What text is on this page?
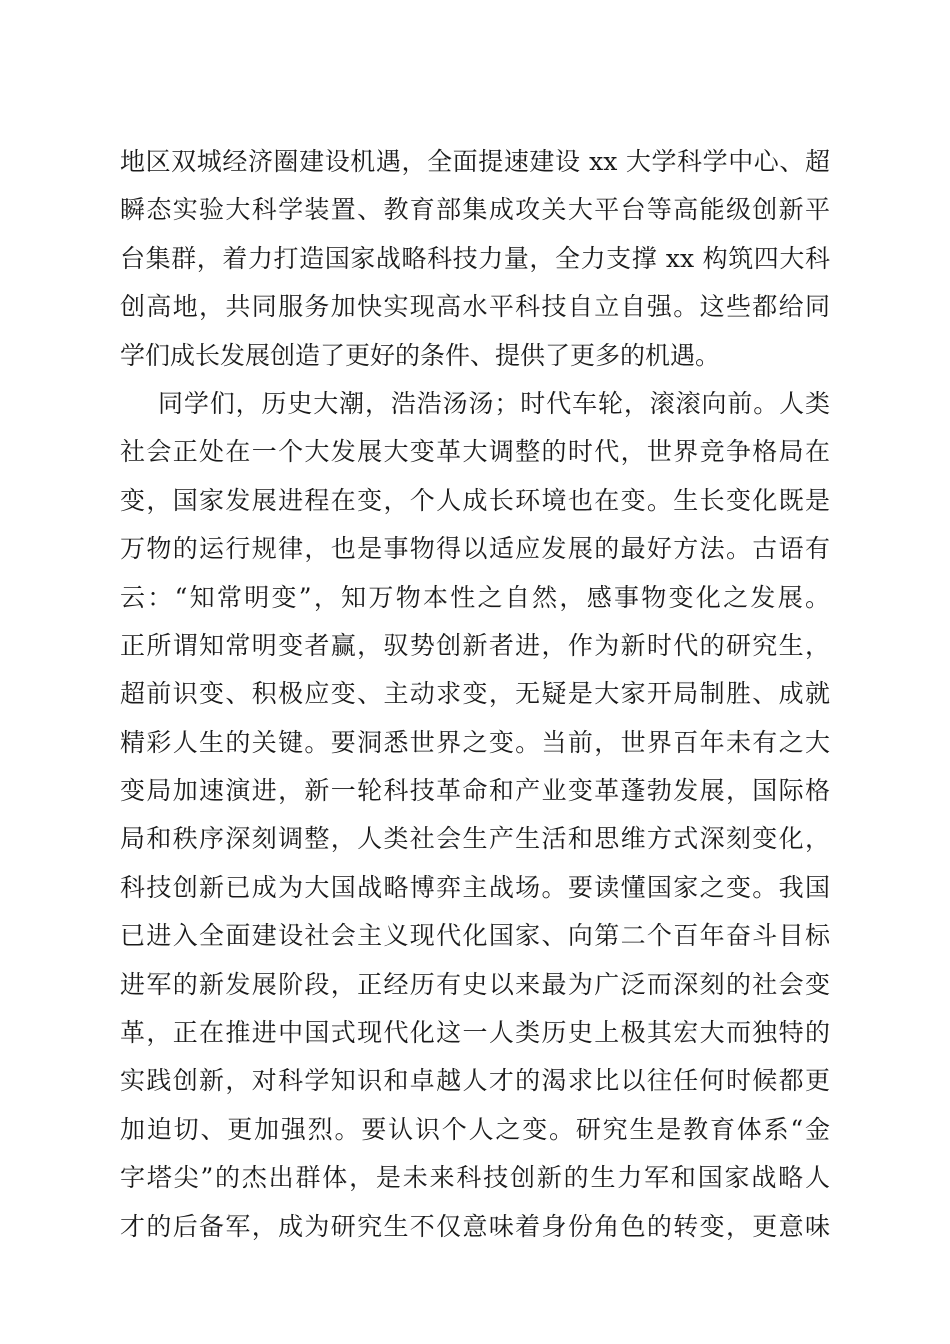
地区双城经济圈建设机遇，全面提速建设 xx 大学科学中心、超
瞬态实验大科学装置、教育部集成攻关大平台等高能级创新平
台集群，着力打造国家战略科技力量，全力支撑 xx 构筑四大科
创高地，共同服务加快实现高水平科技自立自强。这些都给同
学们成长发展创造了更好的条件、提供了更多的机遇。
同学们，历史大潮，浩浩汤汤；时代车轮，滚滚向前。人类
社会正处在一个大发展大变革大调整的时代，世界竞争格局在
变，国家发展进程在变，个人成长环境也在变。生长变化既是
万物的运行规律，也是事物得以适应发展的最好方法。古语有
云：“知常明变”，知万物本性之自然，感事物变化之发展。
正所谓知常明变者赢，驭势创新者进，作为新时代的研究生，
超前识变、积极应变、主动求变，无疑是大家开局制胜、成就
精彩人生的关键。要洞悉世界之变。当前，世界百年未有之大
变局加速演进，新一轮科技革命和产业变革蓬勃发展，国际格
局和秩序深刻调整，人类社会生产生活和思维方式深刻变化，
科技创新已成为大国战略博弈主战场。要读懂国家之变。我国
已进入全面建设社会主义现代化国家、向第二个百年奋斗目标
进军的新发展阶段，正经历有史以来最为广泛而深刻的社会变
革，正在推进中国式现代化这一人类历史上极其宏大而独特的
实践创新，对科学知识和卓越人才的渴求比以往任何时候都更
加迫切、更加强烈。要认识个人之变。研究生是教育体系“金
字塔尖”的杰出群体，是未来科技创新的生力军和国家战略人
才的后备军，成为研究生不仅意味着身份角色的转变，更意味
